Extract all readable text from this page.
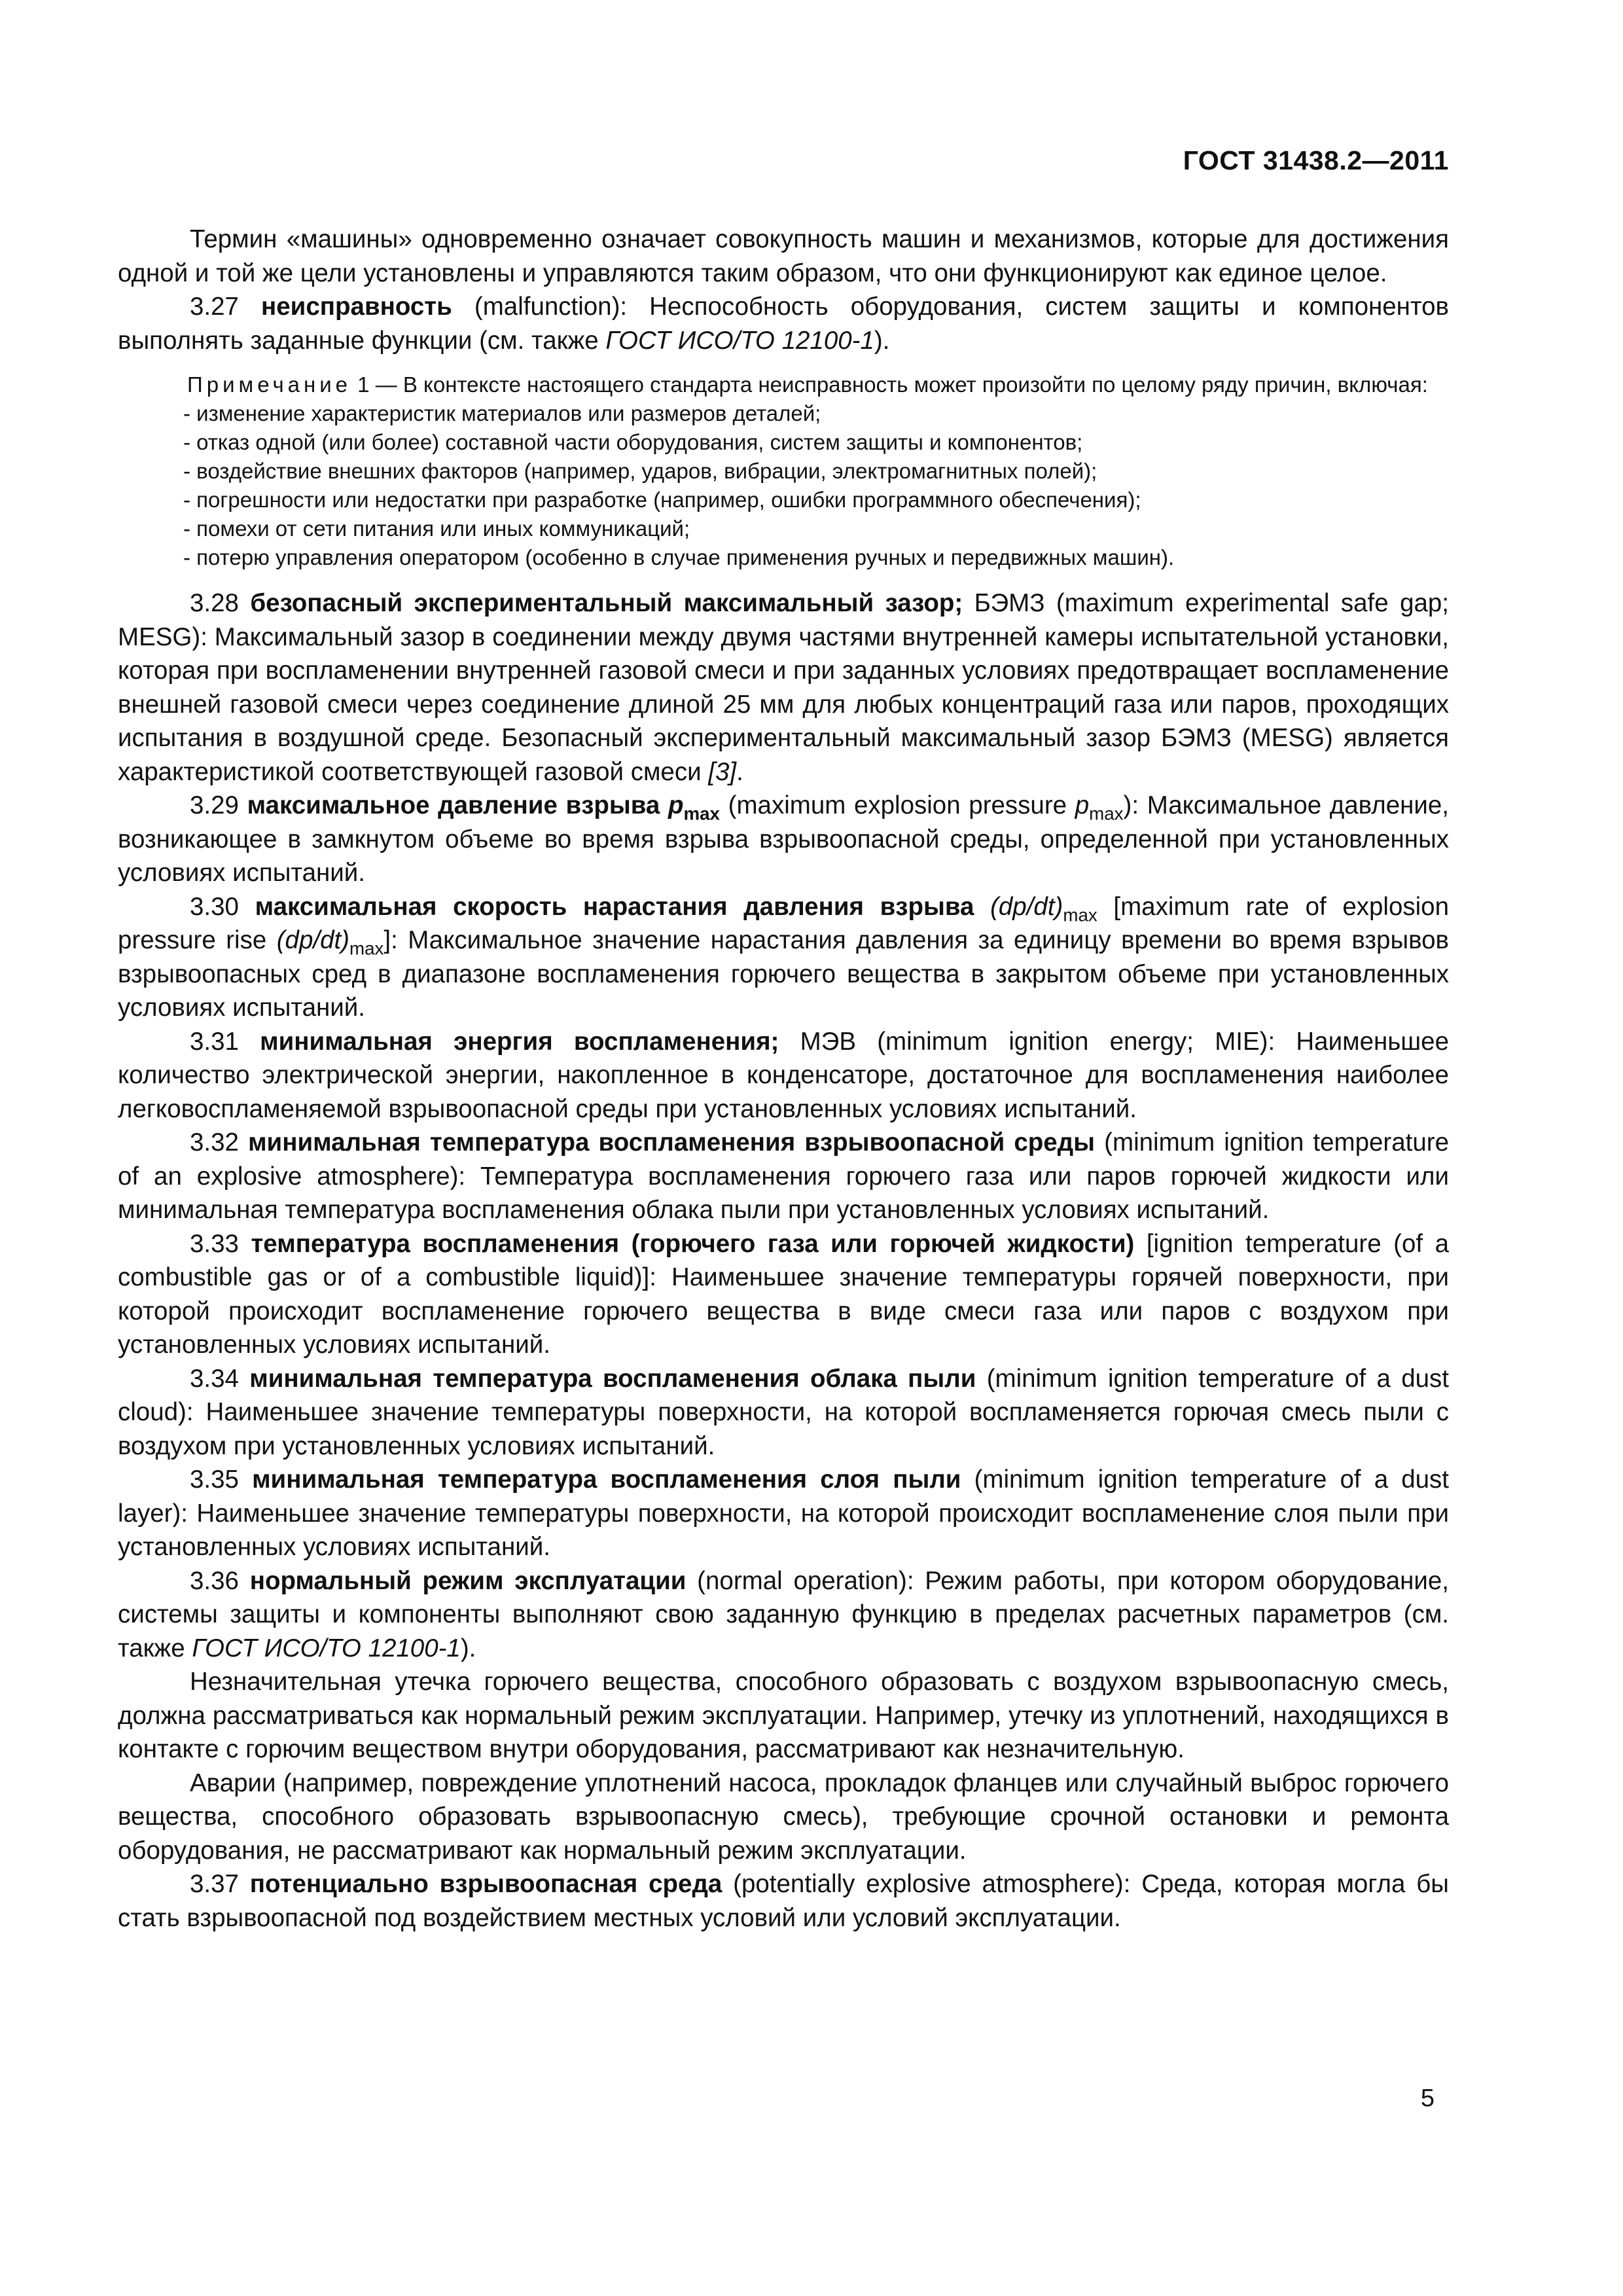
ГОСТ 31438.2—2011

Термин «машины» одновременно означает совокупность машин и механизмов, которые для достижения одной и той же цели установлены и управляются таким образом, что они функционируют как единое целое.

3.27 неисправность (malfunction): Неспособность оборудования, систем защиты и компонентов выполнять заданные функции (см. также ГОСТ ИСО/ТО 12100-1).

Примечание 1 — В контексте настоящего стандарта неисправность может произойти по целому ряду причин, включая:

- изменение характеристик материалов или размеров деталей;
- отказ одной (или более) составной части оборудования, систем защиты и компонентов;
- воздействие внешних факторов (например, ударов, вибрации, электромагнитных полей);
- погрешности или недостатки при разработке (например, ошибки программного обеспечения);
- помехи от сети питания или иных коммуникаций;
- потерю управления оператором (особенно в случае применения ручных и передвижных машин).

3.28 безопасный экспериментальный максимальный зазор; БЭМЗ (maximum experimental safe gap; MESG): Максимальный зазор в соединении между двумя частями внутренней камеры испытательной установки, которая при воспламенении внутренней газовой смеси и при заданных условиях предотвращает воспламенение внешней газовой смеси через соединение длиной 25 мм для любых концентраций газа или паров, проходящих испытания в воздушной среде. Безопасный экспериментальный максимальный зазор БЭМЗ (MESG) является характеристикой соответствующей газовой смеси [3].

3.29 максимальное давление взрыва $p_{max}$ (maximum explosion pressure $p_{max}$): Максимальное давление, возникающее в замкнутом объеме во время взрыва взрывоопасной среды, определенной при установленных условиях испытаний.

3.30 максимальная скорость нарастания давления взрыва $(dp/dt)_{max}$ [maximum rate of explosion pressure rise $(dp/dt)_{max}$]: Максимальное значение нарастания давления за единицу времени во время взрывов взрывоопасных сред в диапазоне воспламенения горючего вещества в закрытом объеме при установленных условиях испытаний.

3.31 минимальная энергия воспламенения; МЭВ (minimum ignition energy; MIE): Наименьшее количество электрической энергии, накопленное в конденсаторе, достаточное для воспламенения наиболее легковоспламеняемой взрывоопасной среды при установленных условиях испытаний.

3.32 минимальная температура воспламенения взрывоопасной среды (minimum ignition temperature of an explosive atmosphere): Температура воспламенения горючего газа или паров горючей жидкости или минимальная температура воспламенения облака пыли при установленных условиях испытаний.

3.33 температура воспламенения (горючего газа или горючей жидкости) [ignition temperature (of a combustible gas or of a combustible liquid)]: Наименьшее значение температуры горячей поверхности, при которой происходит воспламенение горючего вещества в виде смеси газа или паров с воздухом при установленных условиях испытаний.

3.34 минимальная температура воспламенения облака пыли (minimum ignition temperature of a dust cloud): Наименьшее значение температуры поверхности, на которой воспламеняется горючая смесь пыли с воздухом при установленных условиях испытаний.

3.35 минимальная температура воспламенения слоя пыли (minimum ignition temperature of a dust layer): Наименьшее значение температуры поверхности, на которой происходит воспламенение слоя пыли при установленных условиях испытаний.

3.36 нормальный режим эксплуатации (normal operation): Режим работы, при котором оборудование, системы защиты и компоненты выполняют свою заданную функцию в пределах расчетных параметров (см. также ГОСТ ИСО/ТО 12100-1).

Незначительная утечка горючего вещества, способного образовать с воздухом взрывоопасную смесь, должна рассматриваться как нормальный режим эксплуатации. Например, утечку из уплотнений, находящихся в контакте с горючим веществом внутри оборудования, рассматривают как незначительную.

Аварии (например, повреждение уплотнений насоса, прокладок фланцев или случайный выброс горючего вещества, способного образовать взрывоопасную смесь), требующие срочной остановки и ремонта оборудования, не рассматривают как нормальный режим эксплуатации.

3.37 потенциально взрывоопасная среда (potentially explosive atmosphere): Среда, которая могла бы стать взрывоопасной под воздействием местных условий или условий эксплуатации.

5
